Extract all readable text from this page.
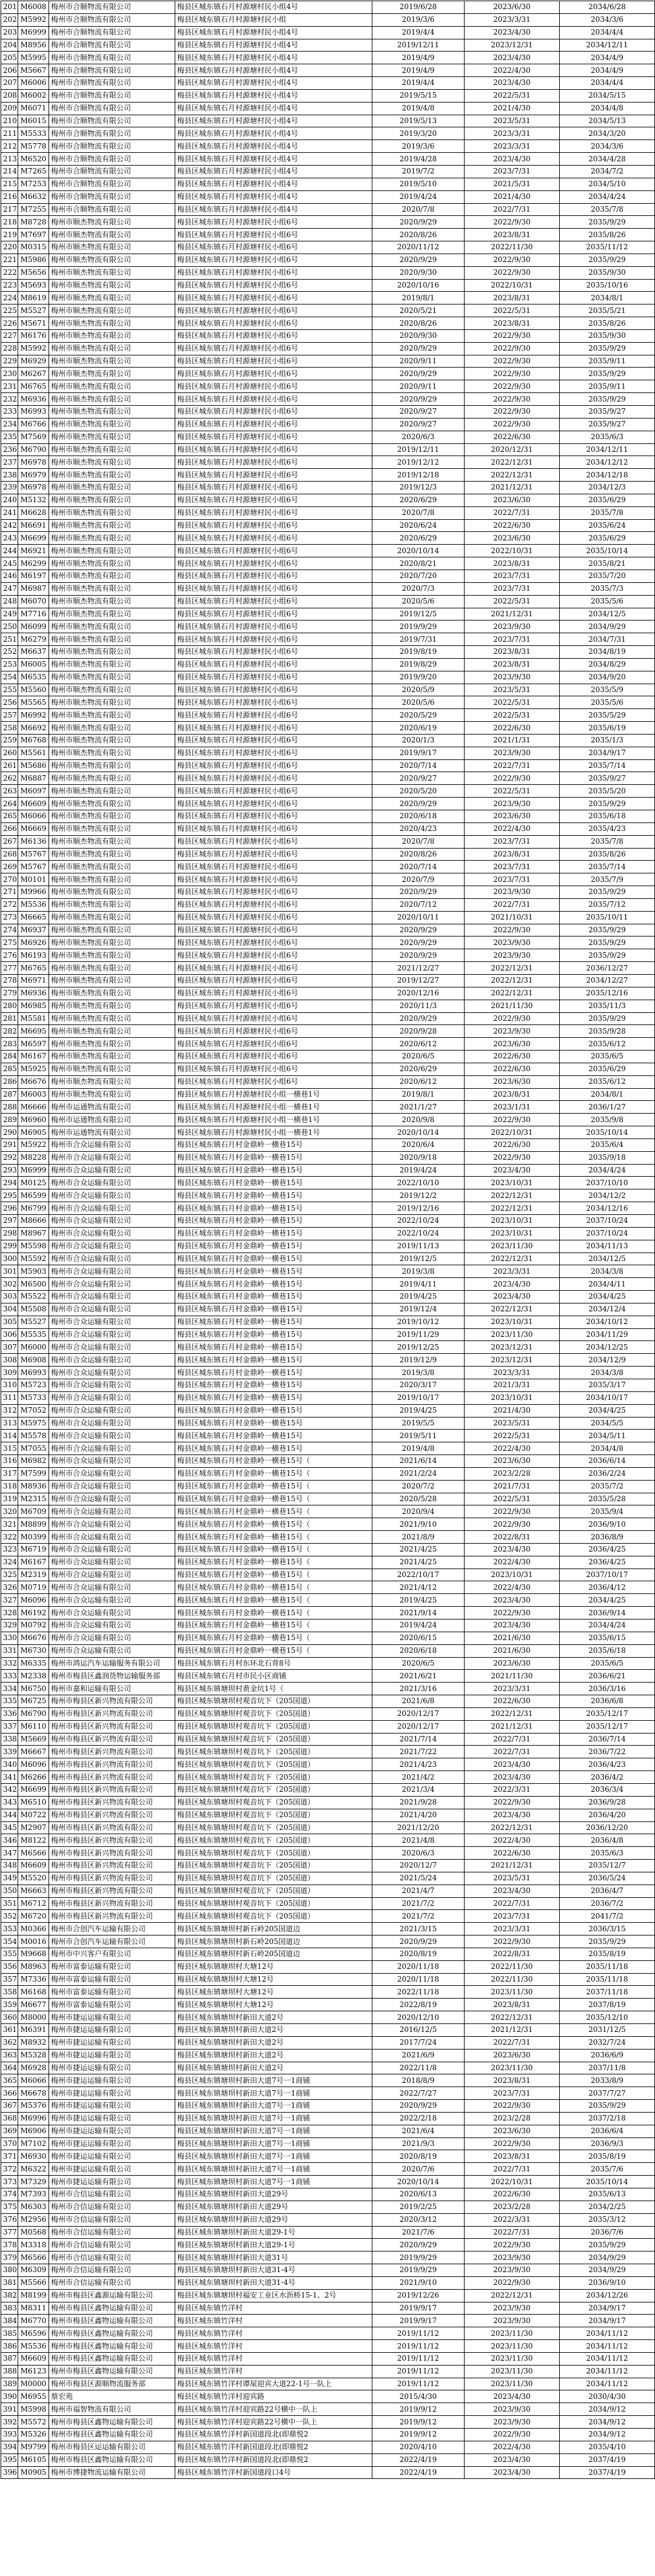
201	M6008	梅州市合顺物流有限公司	梅县区城东镇石月村源塘村民小组4号	2019/6/28	2023/6/30	2034/6/28
202	M5992	梅州市合顺物流有限公司	梅县区城东镇石月村源塘村民小组	2019/3/6	2023/3/31	2034/3/6
203	M6999	梅州市合顺物流有限公司	梅县区城东镇石月村源塘村民小组4号	2019/4/4	2023/4/30	2034/4/4
204	M8956	梅州市合顺物流有限公司	梅县区城东镇石月村源塘村民小组4号	2019/12/11	2023/12/31	2034/12/11
205	M5995	梅州市合顺物流有限公司	梅县区城东镇石月村源塘村民小组4号	2019/4/9	2023/4/30	2034/4/9
206	M5667	梅州市合顺物流有限公司	梅县区城东镇石月村源塘村民小组4号	2019/4/9	2022/4/30	2034/4/9
207	M6006	梅州市合顺物流有限公司	梅县区城东镇石月村源塘村民小组4号	2019/4/4	2023/4/30	2034/4/4
208	M6002	梅州市合顺物流有限公司	梅县区城东镇石月村源塘村民小组4号	2019/5/15	2022/5/31	2034/5/15
209	M6071	梅州市合顺物流有限公司	梅县区城东镇石月村源塘村民小组4号	2019/4/8	2021/4/30	2034/4/8
210	M6015	梅州市合顺物流有限公司	梅县区城东镇石月村源塘村民小组4号	2019/5/13	2023/5/31	2034/5/13
211	M5533	梅州市合顺物流有限公司	梅县区城东镇石月村源塘村民小组4号	2019/3/20	2023/3/31	2034/3/20
212	M5778	梅州市合顺物流有限公司	梅县区城东镇石月村源塘村民小组4号	2019/3/6	2023/3/31	2034/3/6
213	M6520	梅州市合顺物流有限公司	梅县区城东镇石月村源塘村民小组4号	2019/4/28	2023/4/30	2034/4/28
214	M7265	梅州市合顺物流有限公司	梅县区城东镇石月村源塘村民小组4号	2019/7/2	2023/7/31	2034/7/2
215	M7253	梅州市合顺物流有限公司	梅县区城东镇石月村源塘村民小组4号	2019/5/10	2021/5/31	2034/5/10
216	M6632	梅州市合顺物流有限公司	梅县区城东镇石月村源塘村民小组4号	2019/4/24	2021/4/30	2034/4/24
217	M7255	梅州市合顺物流有限公司	梅县区城东镇石月村源塘村民小组4号	2020/7/8	2022/7/31	2035/7/8
218	M8728	梅州市顺杰物流有限公司	梅县区城东镇石月村源塘村民小组6号	2020/9/29	2022/9/30	2035/9/29
219	M7697	梅州市顺杰物流有限公司	梅县区城东镇石月村源塘村民小组6号	2020/8/26	2023/8/31	2035/8/26
220	M0315	梅州市顺杰物流有限公司	梅县区城东镇石月村源塘村民小组6号	2020/11/12	2022/11/30	2035/11/12
221	M5986	梅州市顺杰物流有限公司	梅县区城东镇石月村源塘村民小组6号	2020/9/29	2022/9/30	2035/9/29
222	M5656	梅州市顺杰物流有限公司	梅县区城东镇石月村源塘村民小组6号	2020/9/30	2022/9/30	2035/9/30
223	M5693	梅州市顺杰物流有限公司	梅县区城东镇石月村源塘村民小组6号	2020/10/16	2022/10/31	2035/10/16
224	M8619	梅州市顺杰物流有限公司	梅县区城东镇石月村源塘村民小组6号	2019/8/1	2023/8/31	2034/8/1
225	M5527	梅州市顺杰物流有限公司	梅县区城东镇石月村源塘村民小组6号	2020/5/21	2022/5/31	2035/5/21
226	M5671	梅州市顺杰物流有限公司	梅县区城东镇石月村源塘村民小组6号	2020/8/26	2023/8/31	2035/8/26
227	M6176	梅州市顺杰物流有限公司	梅县区城东镇石月村源塘村民小组6号	2020/9/30	2022/9/30	2035/9/30
228	M5992	梅州市顺杰物流有限公司	梅县区城东镇石月村源塘村民小组6号	2020/9/29	2022/9/30	2035/9/29
229	M6929	梅州市顺杰物流有限公司	梅县区城东镇石月村源塘村民小组6号	2020/9/11	2022/9/30	2035/9/11
230	M6267	梅州市顺杰物流有限公司	梅县区城东镇石月村源塘村民小组6号	2020/9/29	2022/9/30	2035/9/29
231	M6765	梅州市顺杰物流有限公司	梅县区城东镇石月村源塘村民小组6号	2020/9/11	2022/9/30	2035/9/11
232	M6936	梅州市顺杰物流有限公司	梅县区城东镇石月村源塘村民小组6号	2020/9/29	2022/9/30	2035/9/29
233	M6993	梅州市顺杰物流有限公司	梅县区城东镇石月村源塘村民小组6号	2020/9/27	2022/9/30	2035/9/27
234	M6766	梅州市顺杰物流有限公司	梅县区城东镇石月村源塘村民小组6号	2020/9/27	2022/9/30	2035/9/27
235	M7569	梅州市顺杰物流有限公司	梅县区城东镇石月村源塘村民小组6号	2020/6/3	2022/6/30	2035/6/3
236	M6790	梅州市顺杰物流有限公司	梅县区城东镇石月村源塘村民小组6号	2019/12/11	2020/12/31	2034/12/11
237	M6978	梅州市顺杰物流有限公司	梅县区城东镇石月村源塘村民小组6号	2019/12/12	2022/12/31	2034/12/12
238	M6979	梅州市顺杰物流有限公司	梅县区城东镇石月村源塘村民小组6号	2019/12/18	2022/12/31	2034/12/18
239	M6978	梅州市顺杰物流有限公司	梅县区城东镇石月村源塘村民小组6号	2019/12/3	2021/12/31	2034/12/3
240	M5132	梅州市顺杰物流有限公司	梅县区城东镇石月村源塘村民小组6号	2020/6/29	2023/6/30	2035/6/29
241	M6628	梅州市顺杰物流有限公司	梅县区城东镇石月村源塘村民小组6号	2020/7/8	2022/7/31	2035/7/8
242	M6691	梅州市顺杰物流有限公司	梅县区城东镇石月村源塘村民小组6号	2020/6/24	2022/6/30	2035/6/24
243	M6699	梅州市顺杰物流有限公司	梅县区城东镇石月村源塘村民小组6号	2020/6/29	2023/6/30	2035/6/29
244	M6921	梅州市顺杰物流有限公司	梅县区城东镇石月村源塘村民小组6号	2020/10/14	2022/10/31	2035/10/14
245	M6299	梅州市顺杰物流有限公司	梅县区城东镇石月村源塘村民小组6号	2020/8/21	2023/8/31	2035/8/21
246	M6197	梅州市顺杰物流有限公司	梅县区城东镇石月村源塘村民小组6号	2020/7/20	2023/7/31	2035/7/20
247	M6987	梅州市顺杰物流有限公司	梅县区城东镇石月村源塘村民小组6号	2020/7/3	2023/7/31	2035/7/3
248	M6070	梅州市顺杰物流有限公司	梅县区城东镇石月村源塘村民小组6号	2020/5/6	2022/5/31	2035/5/6
249	M7716	梅州市顺杰物流有限公司	梅县区城东镇石月村源塘村民小组6号	2019/12/5	2021/12/31	2034/12/5
250	M6099	梅州市顺杰物流有限公司	梅县区城东镇石月村源塘村民小组6号	2019/9/29	2023/9/30	2034/9/29
251	M6279	梅州市顺杰物流有限公司	梅县区城东镇石月村源塘村民小组6号	2019/7/31	2023/7/31	2034/7/31
252	M6637	梅州市顺杰物流有限公司	梅县区城东镇石月村源塘村民小组6号	2019/8/19	2023/8/31	2034/8/19
253	M6005	梅州市顺杰物流有限公司	梅县区城东镇石月村源塘村民小组6号	2019/8/29	2023/8/31	2034/8/29
254	M6535	梅州市顺杰物流有限公司	梅县区城东镇石月村源塘村民小组6号	2019/9/20	2023/9/30	2034/9/20
255	M5560	梅州市顺杰物流有限公司	梅县区城东镇石月村源塘村民小组6号	2020/5/9	2023/5/31	2035/5/9
256	M5565	梅州市顺杰物流有限公司	梅县区城东镇石月村源塘村民小组6号	2020/5/6	2022/5/31	2035/5/6
257	M6992	梅州市顺杰物流有限公司	梅县区城东镇石月村源塘村民小组6号	2020/5/29	2022/5/31	2035/5/29
258	M6692	梅州市顺杰物流有限公司	梅县区城东镇石月村源塘村民小组6号	2020/6/19	2022/6/30	2035/6/19
259	M6768	梅州市顺杰物流有限公司	梅县区城东镇石月村源塘村民小组6号	2020/1/3	2021/1/31	2035/1/3
260	M5561	梅州市顺杰物流有限公司	梅县区城东镇石月村源塘村民小组6号	2019/9/17	2023/9/30	2034/9/17
261	M5686	梅州市顺杰物流有限公司	梅县区城东镇石月村源塘村民小组6号	2020/7/14	2022/7/31	2035/7/14
262	M6887	梅州市顺杰物流有限公司	梅县区城东镇石月村源塘村民小组6号	2020/9/27	2022/9/30	2035/9/27
263	M6097	梅州市顺杰物流有限公司	梅县区城东镇石月村源塘村民小组6号	2020/5/20	2022/5/31	2035/5/20
264	M6609	梅州市顺杰物流有限公司	梅县区城东镇石月村源塘村民小组6号	2020/9/29	2023/9/30	2035/9/29
265	M6066	梅州市顺杰物流有限公司	梅县区城东镇石月村源塘村民小组6号	2020/6/18	2023/6/30	2035/6/18
266	M6669	梅州市顺杰物流有限公司	梅县区城东镇石月村源塘村民小组6号	2020/4/23	2022/4/30	2035/4/23
267	M6136	梅州市顺杰物流有限公司	梅县区城东镇石月村源塘村民小组6号	2020/7/8	2023/7/31	2035/7/8
268	M5767	梅州市顺杰物流有限公司	梅县区城东镇石月村源塘村民小组6号	2020/8/26	2023/8/31	2035/8/26
269	M5767	梅州市顺杰物流有限公司	梅县区城东镇石月村源塘村民小组6号	2020/7/14	2023/7/31	2035/7/14
270	M0101	梅州市顺杰物流有限公司	梅县区城东镇石月村源塘村民小组6号	2020/7/9	2023/7/31	2035/7/9
271	M9966	梅州市顺杰物流有限公司	梅县区城东镇石月村源塘村民小组6号	2020/9/29	2023/9/30	2035/9/29
272	M5536	梅州市顺杰物流有限公司	梅县区城东镇石月村源塘村民小组6号	2020/7/12	2022/7/31	2035/7/12
273	M6665	梅州市顺杰物流有限公司	梅县区城东镇石月村源塘村民小组6号	2020/10/11	2021/10/31	2035/10/11
274	M6937	梅州市顺杰物流有限公司	梅县区城东镇石月村源塘村民小组6号	2020/9/29	2022/9/30	2035/9/29
275	M6926	梅州市顺杰物流有限公司	梅县区城东镇石月村源塘村民小组6号	2020/9/29	2023/9/30	2035/9/29
276	M6193	梅州市顺杰物流有限公司	梅县区城东镇石月村源塘村民小组6号	2020/9/29	2023/9/30	2035/9/29
277	M6765	梅州市顺杰物流有限公司	梅县区城东镇石月村源塘村民小组6号	2021/12/27	2022/12/31	2036/12/27
278	M6971	梅州市顺杰物流有限公司	梅县区城东镇石月村源塘村民小组6号	2019/12/27	2022/12/31	2034/12/27
279	M6936	梅州市顺杰物流有限公司	梅县区城东镇石月村源塘村民小组6号	2020/12/16	2022/12/31	2035/12/16
280	M6985	梅州市顺杰物流有限公司	梅县区城东镇石月村源塘村民小组6号	2020/11/3	2021/11/30	2035/11/3
281	M5581	梅州市顺杰物流有限公司	梅县区城东镇石月村源塘村民小组6号	2020/9/29	2022/9/30	2035/9/29
282	M6695	梅州市顺杰物流有限公司	梅县区城东镇石月村源塘村民小组6号	2020/9/28	2023/9/30	2035/9/28
283	M6597	梅州市顺杰物流有限公司	梅县区城东镇石月村源塘村民小组6号	2020/6/12	2023/6/30	2035/6/12
284	M6167	梅州市顺杰物流有限公司	梅县区城东镇石月村源塘村民小组6号	2020/6/5	2022/6/30	2035/6/5
285	M5925	梅州市顺杰物流有限公司	梅县区城东镇石月村源塘村民小组6号	2020/6/29	2022/6/30	2035/6/29
286	M6676	梅州市顺杰物流有限公司	梅县区城东镇石月村源塘村民小组6号	2020/6/12	2023/6/30	2035/6/12
287	M6003	梅州市顺杰物流有限公司	梅县区城东镇石月村源塘村民小组一横巷1号	2019/8/1	2023/8/31	2034/8/1
288	M6666	梅州市运通物流有限公司	梅县区城东镇石月村源塘村民小组一横巷1号	2021/1/27	2023/1/31	2036/1/27
289	M6960	梅州市运通物流有限公司	梅县区城东镇石月村源塘村民小组一横巷1号	2020/9/8	2022/9/30	2035/9/8
290	M6905	梅州市运通物流有限公司	梅县区城东镇石月村源塘村民小组一横巷1号	2020/10/14	2022/10/31	2035/10/14
291	M5922	梅州市合众运输有限公司	梅县区城东镇石月村金鼎岭一横巷15号	2020/6/4	2022/6/30	2035/6/4
292	M8228	梅州市合众运输有限公司	梅县区城东镇石月村金鼎岭一横巷15号	2020/9/18	2022/9/30	2035/9/18
293	M6999	梅州市合众运输有限公司	梅县区城东镇石月村金鼎岭一横巷15号	2019/4/24	2023/4/30	2034/4/24
294	M0125	梅州市合众运输有限公司	梅县区城东镇石月村金鼎岭一横巷15号	2022/10/10	2023/10/31	2037/10/10
295	M6599	梅州市合众运输有限公司	梅县区城东镇石月村金鼎岭一横巷15号	2019/12/2	2022/12/31	2034/12/2
296	M6799	梅州市合众运输有限公司	梅县区城东镇石月村金鼎岭一横巷15号	2019/12/16	2022/12/31	2034/12/16
297	M8666	梅州市合众运输有限公司	梅县区城东镇石月村金鼎岭一横巷15号	2022/10/24	2023/10/31	2037/10/24
298	M8967	梅州市合众运输有限公司	梅县区城东镇石月村金鼎岭一横巷15号	2022/10/24	2023/10/31	2037/10/24
299	M5598	梅州市合众运输有限公司	梅县区城东镇石月村金鼎岭一横巷15号	2019/11/13	2023/11/30	2034/11/13
300	M5592	梅州市合众运输有限公司	梅县区城东镇石月村金鼎岭一横巷15号	2019/12/5	2022/12/31	2034/12/5
301	M5903	梅州市合众运输有限公司	梅县区城东镇石月村金鼎岭一横巷15号	2019/3/8	2023/3/31	2034/3/8
302	M6500	梅州市合众运输有限公司	梅县区城东镇石月村金鼎岭一横巷15号	2019/4/11	2023/4/30	2034/4/11
303	M5522	梅州市合众运输有限公司	梅县区城东镇石月村金鼎岭一横巷15号	2019/4/25	2023/4/30	2034/4/25
304	M5508	梅州市合众运输有限公司	梅县区城东镇石月村金鼎岭一横巷15号	2019/12/4	2022/12/31	2034/12/4
305	M5527	梅州市合众运输有限公司	梅县区城东镇石月村金鼎岭一横巷15号	2019/10/12	2023/10/31	2034/10/12
306	M5535	梅州市合众运输有限公司	梅县区城东镇石月村金鼎岭一横巷15号	2019/11/29	2023/11/30	2034/11/29
307	M6000	梅州市合众运输有限公司	梅县区城东镇石月村金鼎岭一横巷15号	2019/12/25	2023/12/31	2034/12/25
308	M6908	梅州市合众运输有限公司	梅县区城东镇石月村金鼎岭一横巷15号	2019/12/9	2023/12/31	2034/12/9
309	M6993	梅州市合众运输有限公司	梅县区城东镇石月村金鼎岭一横巷15号	2019/3/8	2023/3/31	2034/3/8
310	M5723	梅州市合众运输有限公司	梅县区城东镇石月村金鼎岭一横巷15号	2020/3/17	2021/3/31	2035/3/17
311	M5733	梅州市合众运输有限公司	梅县区城东镇石月村金鼎岭一横巷15号	2019/10/17	2023/10/31	2034/10/17
312	M7052	梅州市合众运输有限公司	梅县区城东镇石月村金鼎岭一横巷15号	2019/4/25	2021/4/30	2034/4/25
313	M5975	梅州市合众运输有限公司	梅县区城东镇石月村金鼎岭一横巷15号	2019/5/5	2023/5/31	2034/5/5
314	M5578	梅州市合众运输有限公司	梅县区城东镇石月村金鼎岭一横巷15号	2019/5/11	2022/5/31	2034/5/11
315	M7055	梅州市合众运输有限公司	梅县区城东镇石月村金鼎岭一横巷15号	2019/4/8	2022/4/30	2034/4/8
316	M6982	梅州市合众运输有限公司	梅县区城东镇石月村金鼎岭一横巷15号（	2021/6/14	2023/6/30	2036/6/14
317	M7599	梅州市合众运输有限公司	梅县区城东镇石月村金鼎岭一横巷15号（	2021/2/24	2023/2/28	2036/2/24
318	M8936	梅州市合众运输有限公司	梅县区城东镇石月村金鼎岭一横巷15号（	2020/7/2	2021/7/31	2035/7/2
319	M2315	梅州市合众运输有限公司	梅县区城东镇石月村金鼎岭一横巷15号（	2020/5/28	2022/5/31	2035/5/28
320	M6709	梅州市合众运输有限公司	梅县区城东镇石月村金鼎岭一横巷15号（	2020/9/4	2022/9/30	2035/9/4
321	M8899	梅州市合众运输有限公司	梅县区城东镇石月村金鼎岭一横巷15号（	2021/9/10	2022/9/30	2036/9/10
322	M0399	梅州市合众运输有限公司	梅县区城东镇石月村金鼎岭一横巷15号（	2021/8/9	2022/8/31	2036/8/9
323	M6719	梅州市合众运输有限公司	梅县区城东镇石月村金鼎岭一横巷15号（	2021/4/25	2023/4/30	2036/4/25
324	M6167	梅州市合众运输有限公司	梅县区城东镇石月村金鼎岭一横巷15号（	2021/4/25	2022/4/30	2036/4/25
325	M2319	梅州市合众运输有限公司	梅县区城东镇石月村金鼎岭一横巷15号（	2022/10/17	2023/10/31	2037/10/17
326	M0719	梅州市合众运输有限公司	梅县区城东镇石月村金鼎岭一横巷15号（	2021/4/12	2022/4/30	2036/4/12
327	M6096	梅州市合众运输有限公司	梅县区城东镇石月村金鼎岭一横巷15号（	2019/4/25	2023/4/30	2034/4/25
328	M6192	梅州市合众运输有限公司	梅县区城东镇石月村金鼎岭一横巷15号（	2021/9/14	2022/9/30	2036/9/14
329	M0792	梅州市合众运输有限公司	梅县区城东镇石月村金鼎岭一横巷15号（	2019/4/24	2023/4/30	2034/4/24
330	M6676	梅州市合众运输有限公司	梅县区城东镇石月村金鼎岭一横巷15号（	2020/6/15	2021/6/30	2035/6/15
331	M6730	梅州市合众运输有限公司	梅县区城东镇石月村金鼎岭一横巷15号（	2020/6/18	2021/6/30	2035/6/18
332	M6335	梅州市鸿运汽车运输服务有限公司	梅县区城东镇石月村东环北石背8号	2020/6/5	2023/6/30	2035/6/5
333	M2338	梅州市梅县区鑫润货物运输服务部	梅县区城东镇石月村市民小区商铺	2021/6/21	2021/11/30	2036/6/21
334	M6750	梅州市嘉和运输有限公司	梅县区城东镇塘坝村黄金坑1号（	2021/3/16	2023/3/31	2036/3/16
335	M6725	梅州市梅县区新兴物流有限公司	梅县区城东镇塘坝村观音坑下（205国道）	2021/6/8	2022/6/30	2036/6/8
336	M6790	梅州市梅县区新兴物流有限公司	梅县区城东镇塘坝村观音坑下（205国道）	2020/12/17	2022/12/31	2035/12/17
337	M6110	梅州市梅县区新兴物流有限公司	梅县区城东镇塘坝村观音坑下（205国道）	2020/12/17	2021/12/31	2035/12/17
338	M5669	梅州市梅县区新兴物流有限公司	梅县区城东镇塘坝村观音坑下（205国道）	2021/7/14	2022/7/31	2036/7/14
339	M6667	梅州市梅县区新兴物流有限公司	梅县区城东镇塘坝村观音坑下（205国道）	2021/7/22	2022/7/31	2036/7/22
340	M6096	梅州市梅县区新兴物流有限公司	梅县区城东镇塘坝村观音坑下（205国道）	2021/4/23	2023/4/30	2036/4/23
341	M6266	梅州市梅县区新兴物流有限公司	梅县区城东镇塘坝村观音坑下（205国道）	2021/4/2	2023/4/30	2036/4/2
342	M6699	梅州市梅县区新兴物流有限公司	梅县区城东镇塘坝村观音坑下（205国道）	2021/3/4	2022/3/31	2036/3/4
343	M6510	梅州市梅县区新兴物流有限公司	梅县区城东镇塘坝村观音坑下（205国道）	2021/9/28	2022/9/30	2036/9/28
344	M0722	梅州市梅县区新兴物流有限公司	梅县区城东镇塘坝村观音坑下（205国道）	2021/4/20	2023/4/30	2036/4/20
345	M2907	梅州市梅县区新兴物流有限公司	梅县区城东镇塘坝村观音坑下（205国道）	2021/12/20	2022/12/31	2036/12/20
346	M8122	梅州市梅县区新兴物流有限公司	梅县区城东镇塘坝村观音坑下（205国道）	2021/4/8	2022/4/30	2036/4/8
347	M6566	梅州市梅县区新兴物流有限公司	梅县区城东镇塘坝村观音坑下（205国道）	2020/6/3	2022/6/30	2035/6/3
348	M6609	梅州市梅县区新兴物流有限公司	梅县区城东镇塘坝村观音坑下（205国道）	2020/12/7	2021/12/31	2035/12/7
349	M5520	梅州市梅县区新兴物流有限公司	梅县区城东镇塘坝村观音坑下（205国道）	2021/5/24	2023/5/31	2036/5/24
350	M6663	梅州市梅县区新兴物流有限公司	梅县区城东镇塘坝村观音坑下（205国道）	2021/4/7	2023/4/30	2036/4/7
351	M6712	梅州市梅县区新兴物流有限公司	梅县区城东镇塘坝村观音坑下（205国道）	2021/7/2	2022/7/31	2036/7/2
352	M6720	梅州市梅县区新兴物流有限公司	梅县区城东镇塘坝村观音坑下（205国道）	2021/7/2	2023/7/31	2041/7/2
353	M0366	梅州市合创汽车运输有限公司	梅县区城东镇塘坝村新石岭205国道边	2021/3/15	2023/3/31	2036/3/15
354	M0016	梅州市合创汽车运输有限公司	梅县区城东镇塘坝村新石岭205国道边	2020/9/29	2022/9/30	2035/9/29
355	M9668	梅州市中兴客户有限公司	梅县区城东镇塘坝村新石岭205国道边	2020/8/19	2022/8/31	2035/8/19
356	M8963	梅州市富泰运输有限公司	梅县区城东镇塘坝村大塘12号	2020/11/18	2022/11/30	2035/11/18
357	M7336	梅州市富泰运输有限公司	梅县区城东镇塘坝村大塘12号	2020/11/18	2022/11/30	2035/11/18
358	M6168	梅州市富泰运输有限公司	梅县区城东镇塘坝村大塘12号	2022/11/18	2023/11/30	2037/11/18
359	M6677	梅州市富泰运输有限公司	梅县区城东镇塘坝村大塘12号	2022/8/19	2023/8/31	2037/8/19
360	M8000	梅州市捷运运输有限公司	梅县区城东镇塘坝村新田大道2号	2020/12/10	2022/12/31	2035/12/10
361	M6391	梅州市捷运运输有限公司	梅县区城东镇塘坝村新田大道2号	2016/12/5	2021/12/31	2031/12/5
362	M8932	梅州市捷运运输有限公司	梅县区城东镇塘坝村新田大道2号	2017/7/24	2022/7/31	2032/7/24
363	M5328	梅州市捷运运输有限公司	梅县区城东镇塘坝村新田大道2号	2021/6/9	2023/6/30	2036/6/9
364	M6928	梅州市捷运运输有限公司	梅县区城东镇塘坝村新田大道2号	2022/11/8	2023/11/30	2037/11/8
365	M6066	梅州市捷运运输有限公司	梅县区城东镇塘坝村新田大道7号一1商铺	2018/8/9	2023/8/31	2033/8/9
366	M6678	梅州市捷运运输有限公司	梅县区城东镇塘坝村新田大道7号一1商铺	2022/7/27	2023/7/31	2037/7/27
367	M5376	梅州市捷运运输有限公司	梅县区城东镇塘坝村新田大道7号一1商铺	2020/9/29	2022/9/30	2035/9/29
368	M6996	梅州市捷运运输有限公司	梅县区城东镇塘坝村新田大道7号一1商铺	2022/2/18	2023/2/28	2037/2/18
369	M6906	梅州市捷运运输有限公司	梅县区城东镇塘坝村新田大道7号一1商铺	2021/6/4	2023/6/30	2036/6/4
370	M7102	梅州市捷运运输有限公司	梅县区城东镇塘坝村新田大道7号一1商铺	2021/9/3	2022/9/30	2036/9/3
371	M6930	梅州市捷运运输有限公司	梅县区城东镇塘坝村新田大道7号一1商铺	2020/8/19	2023/8/31	2035/8/19
372	M6322	梅州市捷运运输有限公司	梅县区城东镇塘坝村新田大道7号一1商铺	2020/7/6	2022/7/31	2035/7/6
373	M7329	梅州市捷运运输有限公司	梅县区城东镇塘坝村新田大道7号一1商铺	2020/10/14	2022/10/31	2035/10/14
374	M7393	梅州市合信运输有限公司	梅县区城东镇塘坝村新田大道29号	2020/6/13	2022/6/30	2035/6/13
375	M6303	梅州市合信运输有限公司	梅县区城东镇塘坝村新田大道29号	2019/2/25	2023/2/28	2034/2/25
376	M2956	梅州市合信运输有限公司	梅县区城东镇塘坝村新田大道29号	2020/3/12	2022/3/31	2035/3/12
377	M0568	梅州市合信运输有限公司	梅县区城东镇塘坝村新田大道29-1号	2021/7/6	2022/7/31	2036/7/6
378	M3318	梅州市合信运输有限公司	梅县区城东镇塘坝村新田大道29-1号	2020/9/29	2022/9/30	2035/9/29
379	M6566	梅州市合信运输有限公司	梅县区城东镇塘坝村新田大道31号	2019/9/29	2023/9/30	2034/9/29
380	M6309	梅州市合信运输有限公司	梅县区城东镇塘坝村新田大道31-4号	2019/9/29	2023/9/30	2034/9/29
381	M5566	梅州市合信运输有限公司	梅县区城东镇塘坝村新田大道31-4号	2021/9/10	2022/9/30	2036/9/10
382	M8199	梅州市梅县区鑫源运输有限公司	梅县区城东镇塘坝村福安工业区水沥桥15-1、2号	2019/12/26	2022/12/31	2034/12/26
383	M8311	梅州市梅县区鑫物运输有限公司	梅县区城东镇竹洋村	2019/9/17	2023/9/30	2034/9/17
384	M6770	梅州市梅县区鑫物运输有限公司	梅县区城东镇竹洋村	2019/9/17	2023/9/30	2034/9/17
385	M6596	梅州市梅县区鑫物运输有限公司	梅县区城东镇竹洋村	2019/11/12	2023/11/30	2034/11/12
386	M5536	梅州市梅县区鑫物运输有限公司	梅县区城东镇竹洋村	2019/11/12	2023/11/30	2034/11/12
387	M6609	梅州市梅县区鑫物运输有限公司	梅县区城东镇竹洋村	2019/11/12	2023/11/30	2034/11/12
388	M6123	梅州市梅县区鑫物运输有限公司	梅县区城东镇竹洋村	2019/11/12	2023/11/30	2034/11/12
389	M0000	梅州市梅县区源顺物流服务部	梅县区城东镇竹洋村谭屋迎宾大道22-1号一队上	2019/11/12	2023/11/30	2034/11/12
390	M6955	蔡宏苑	梅县区城东镇竹洋村迎宾路	2015/4/30	2023/4/30	2030/4/30
391	M5998	梅州市福智物流有限公司	梅县区城东镇竹洋村迎宾路22号横中一队上	2019/9/12	2023/9/30	2034/9/12
392	M5572	梅州市梅县区鑫物运输有限公司	梅县区城东镇竹洋村迎宾路22号横中一队上	2019/9/12	2023/9/30	2034/9/12
393	M5326	梅州市梅县区鑫物运输有限公司	梅县区城东镇竹洋村新国道段北(即鼎悦2	2019/9/12	2022/9/30	2034/9/12
394	M9799	梅州市梅县区运运输有限公司	梅县区城东镇竹洋村新国道段北(即鼎悦2	2020/4/10	2022/4/30	2035/4/10
395	M6105	梅州市梅县区鑫物运输有限公司	梅县区城东镇竹洋村新国道段北(即鼎悦2	2022/4/19	2023/4/30	2037/4/19
396	M0905	梅州市博捷物流运输有限公司	梅县区城东镇竹洋村新国道段口4号	2022/4/19	2023/4/30	2037/4/19
